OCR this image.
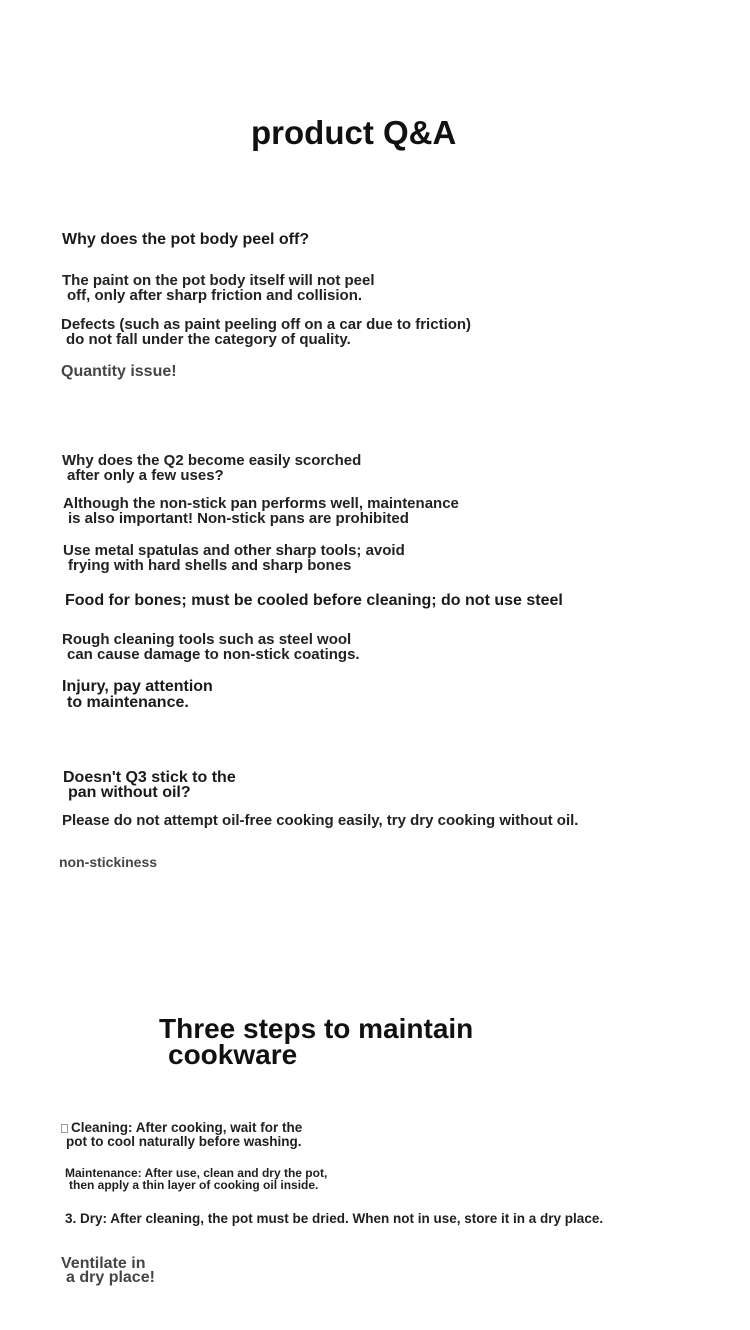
product Q&A
Why does the pot body peel off?
The paint on the pot body itself will not peel
off, only after sharp friction and collision.
Defects (such as paint peeling off on a car due to friction)
do not fall under the category of quality.
Quantity issue!
Why does the Q2 become easily scorched
after only a few uses?
Although the non-stick pan performs well, maintenance
is also important! Non-stick pans are prohibited
Use metal spatulas and other sharp tools; avoid
frying with hard shells and sharp bones
Food for bones; must be cooled before cleaning; do not use steel
Rough cleaning tools such as steel wool
can cause damage to non-stick coatings.
Injury, pay attention
to maintenance.
Doesn't Q3 stick to the
pan without oil?
Please do not attempt oil-free cooking easily, try dry cooking without oil.
non-stickiness
Three steps to maintain
cookware
Cleaning: After cooking, wait for the
pot to cool naturally before washing.
Maintenance: After use, clean and dry the pot,
then apply a thin layer of cooking oil inside.
3. Dry: After cleaning, the pot must be dried. When not in use, store it in a dry place.
Ventilate in
a dry place!
